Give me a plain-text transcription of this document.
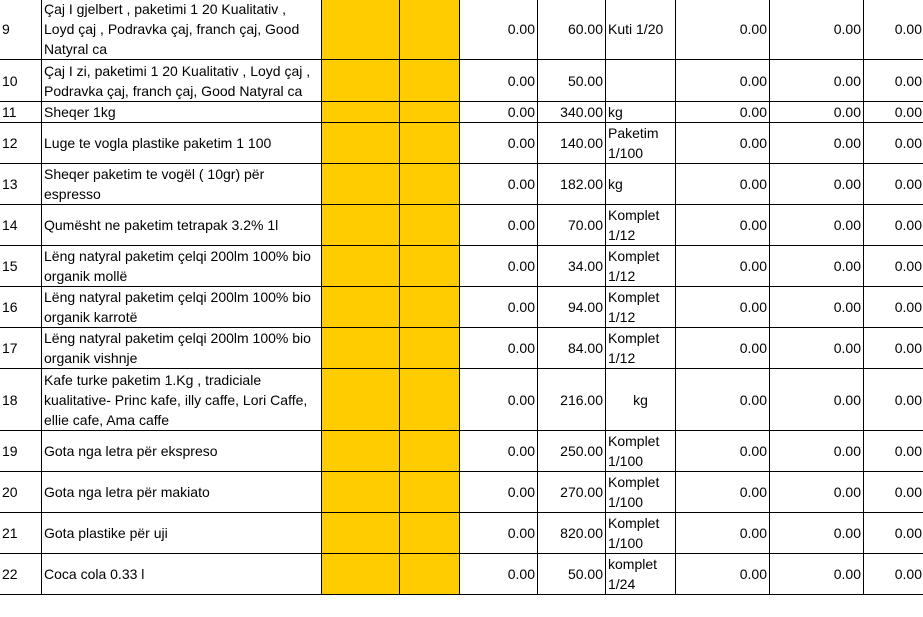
9	Çaj I gjelbert , paketimi 1 20 Kualitativ , Loyd çaj , Podravka çaj, franch çaj, Good Natyral ca			0.00	60.00	Kuti 1/20	0.00	0.00	0.00
10	Çaj I zi, paketimi 1 20 Kualitativ , Loyd çaj , Podravka çaj, franch çaj, Good Natyral ca			0.00	50.00		0.00	0.00	0.00
11	Sheqer 1kg			0.00	340.00	kg	0.00	0.00	0.00
12	Luge te vogla plastike paketim 1 100			0.00	140.00	Paketim 1/100	0.00	0.00	0.00
13	Sheqer paketim te vogël ( 10gr) për espresso			0.00	182.00	kg	0.00	0.00	0.00
14	Qumësht ne paketim tetrapak 3.2% 1l			0.00	70.00	Komplet 1/12	0.00	0.00	0.00
15	Lëng natyral paketim çelqi 200lm 100% bio organik mollë			0.00	34.00	Komplet 1/12	0.00	0.00	0.00
16	Lëng natyral paketim çelqi 200lm 100% bio organik karrotë			0.00	94.00	Komplet 1/12	0.00	0.00	0.00
17	Lëng natyral paketim çelqi 200lm 100% bio organik vishnje			0.00	84.00	Komplet 1/12	0.00	0.00	0.00
18	Kafe turke paketim 1.Kg , tradiciale kualitative- Princ kafe, illy caffe, Lori Caffe, ellie cafe, Ama caffe			0.00	216.00	kg	0.00	0.00	0.00
19	Gota nga letra për ekspreso			0.00	250.00	Komplet 1/100	0.00	0.00	0.00
20	Gota nga letra për makiato			0.00	270.00	Komplet 1/100	0.00	0.00	0.00
21	Gota plastike për uji			0.00	820.00	Komplet 1/100	0.00	0.00	0.00
22	Coca cola 0.33 l			0.00	50.00	komplet 1/24	0.00	0.00	0.00
